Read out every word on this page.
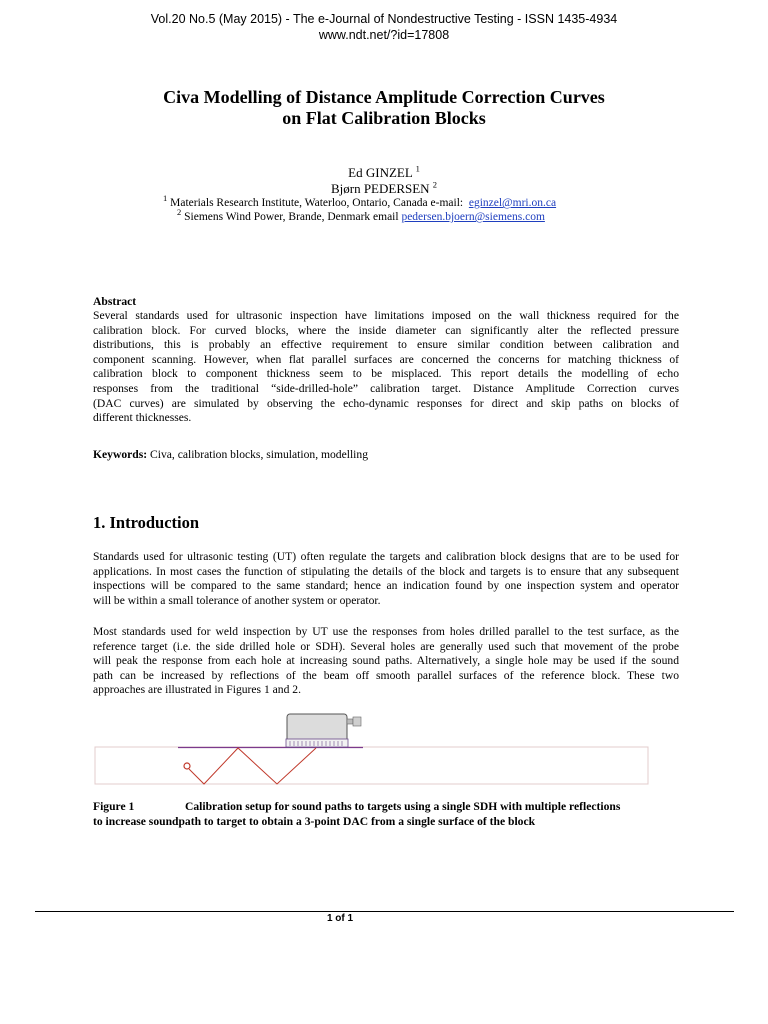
Vol.20 No.5 (May 2015) - The e-Journal of Nondestructive Testing - ISSN 1435-4934
www.ndt.net/?id=17808
Civa Modelling of Distance Amplitude Correction Curves
on Flat Calibration Blocks
Ed GINZEL $^1$
Bjørn PEDERSEN $^2$
$^1$ Materials Research Institute, Waterloo, Ontario, Canada e-mail: eginzel@mri.on.ca
$^2$ Siemens Wind Power, Brande, Denmark email pedersen.bjoern@siemens.com
Abstract
Several standards used for ultrasonic inspection have limitations imposed on the wall thickness required for the
calibration block. For curved blocks, where the inside diameter can significantly alter the reflected pressure
distributions, this is probably an effective requirement to ensure similar condition between calibration and
component scanning. However, when flat parallel surfaces are concerned the concerns for matching thickness of
calibration block to component thickness seem to be misplaced. This report details the modelling of echo
responses from the traditional “side-drilled-hole” calibration target. Distance Amplitude Correction curves
(DAC curves) are simulated by observing the echo-dynamic responses for direct and skip paths on blocks of
different thicknesses.
Keywords: Civa, calibration blocks, simulation, modelling
1. Introduction
Standards used for ultrasonic testing (UT) often regulate the targets and calibration block designs that are to be used for
applications. In most cases the function of stipulating the details of the block and targets is to ensure that any subsequent
inspections will be compared to the same standard; hence an indication found by one inspection system and operator
will be within a small tolerance of another system or operator.
Most standards used for weld inspection by UT use the responses from holes drilled parallel to the test surface, as the
reference target (i.e. the side drilled hole or SDH). Several holes are generally used such that movement of the probe
will peak the response from each hole at increasing sound paths. Alternatively, a single hole may be used if the sound
path can be increased by reflections of the beam off smooth parallel surfaces of the reference block. These two
approaches are illustrated in Figures 1 and 2.
Figure 1	Calibration setup for sound paths to targets using a single SDH with multiple reflections
to increase soundpath to target to obtain a 3-point DAC from a single surface of the block
1 of 1
